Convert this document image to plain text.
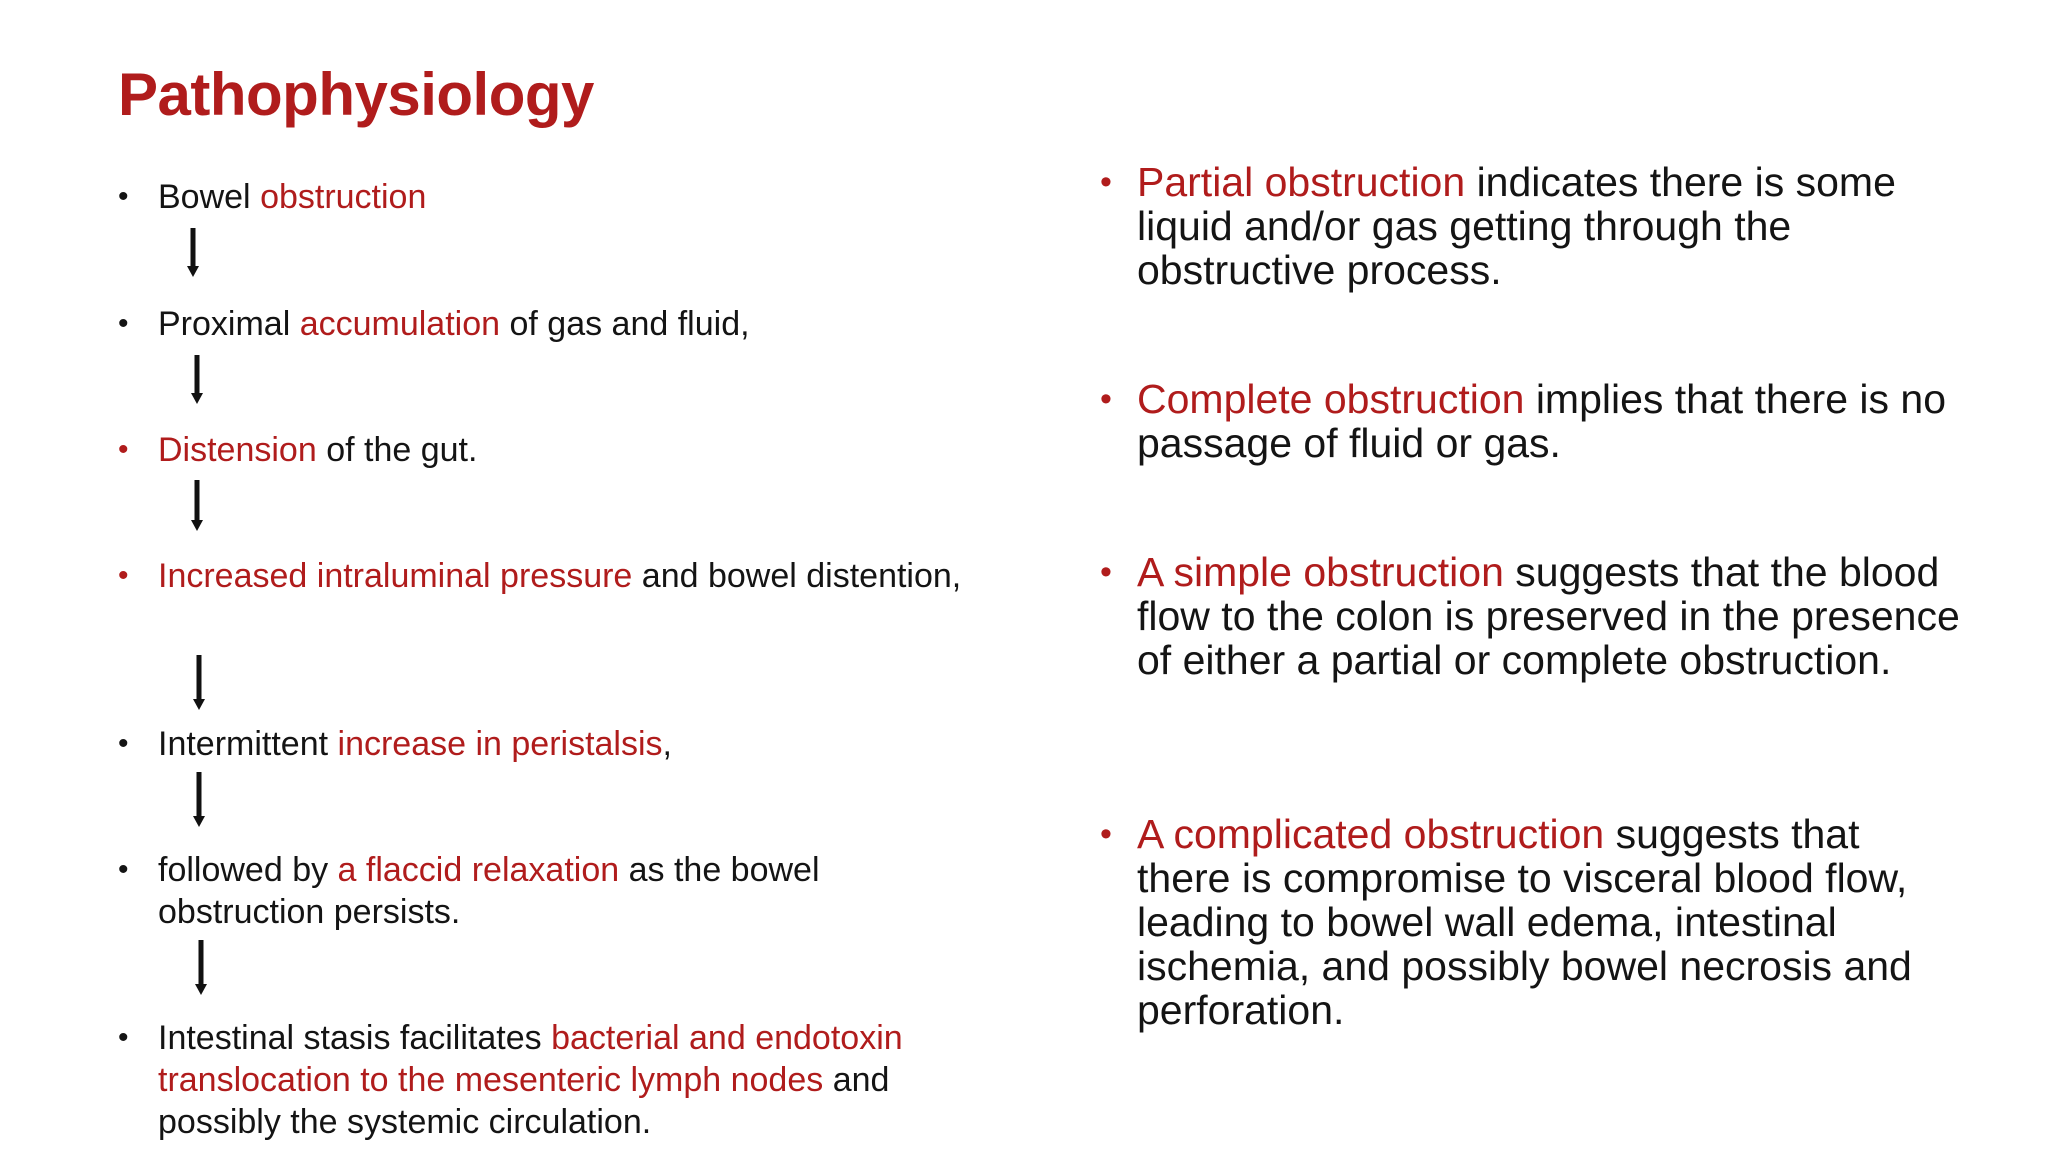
Pathophysiology
• Bowel obstruction
• Proximal accumulation of gas and fluid,
• Distension of the gut.
• Increased intraluminal pressure and bowel distention,
• Intermittent increase in peristalsis,
• followed by a flaccid relaxation as the bowel obstruction persists.
• Intestinal stasis facilitates bacterial and endotoxin translocation to the mesenteric lymph nodes and possibly the systemic circulation.
• Partial obstruction indicates there is some liquid and/or gas getting through the obstructive process.
• Complete obstruction implies that there is no passage of fluid or gas.
• A simple obstruction suggests that the blood flow to the colon is preserved in the presence of either a partial or complete obstruction.
• A complicated obstruction suggests that there is compromise to visceral blood flow, leading to bowel wall edema, intestinal ischemia, and possibly bowel necrosis and perforation.
